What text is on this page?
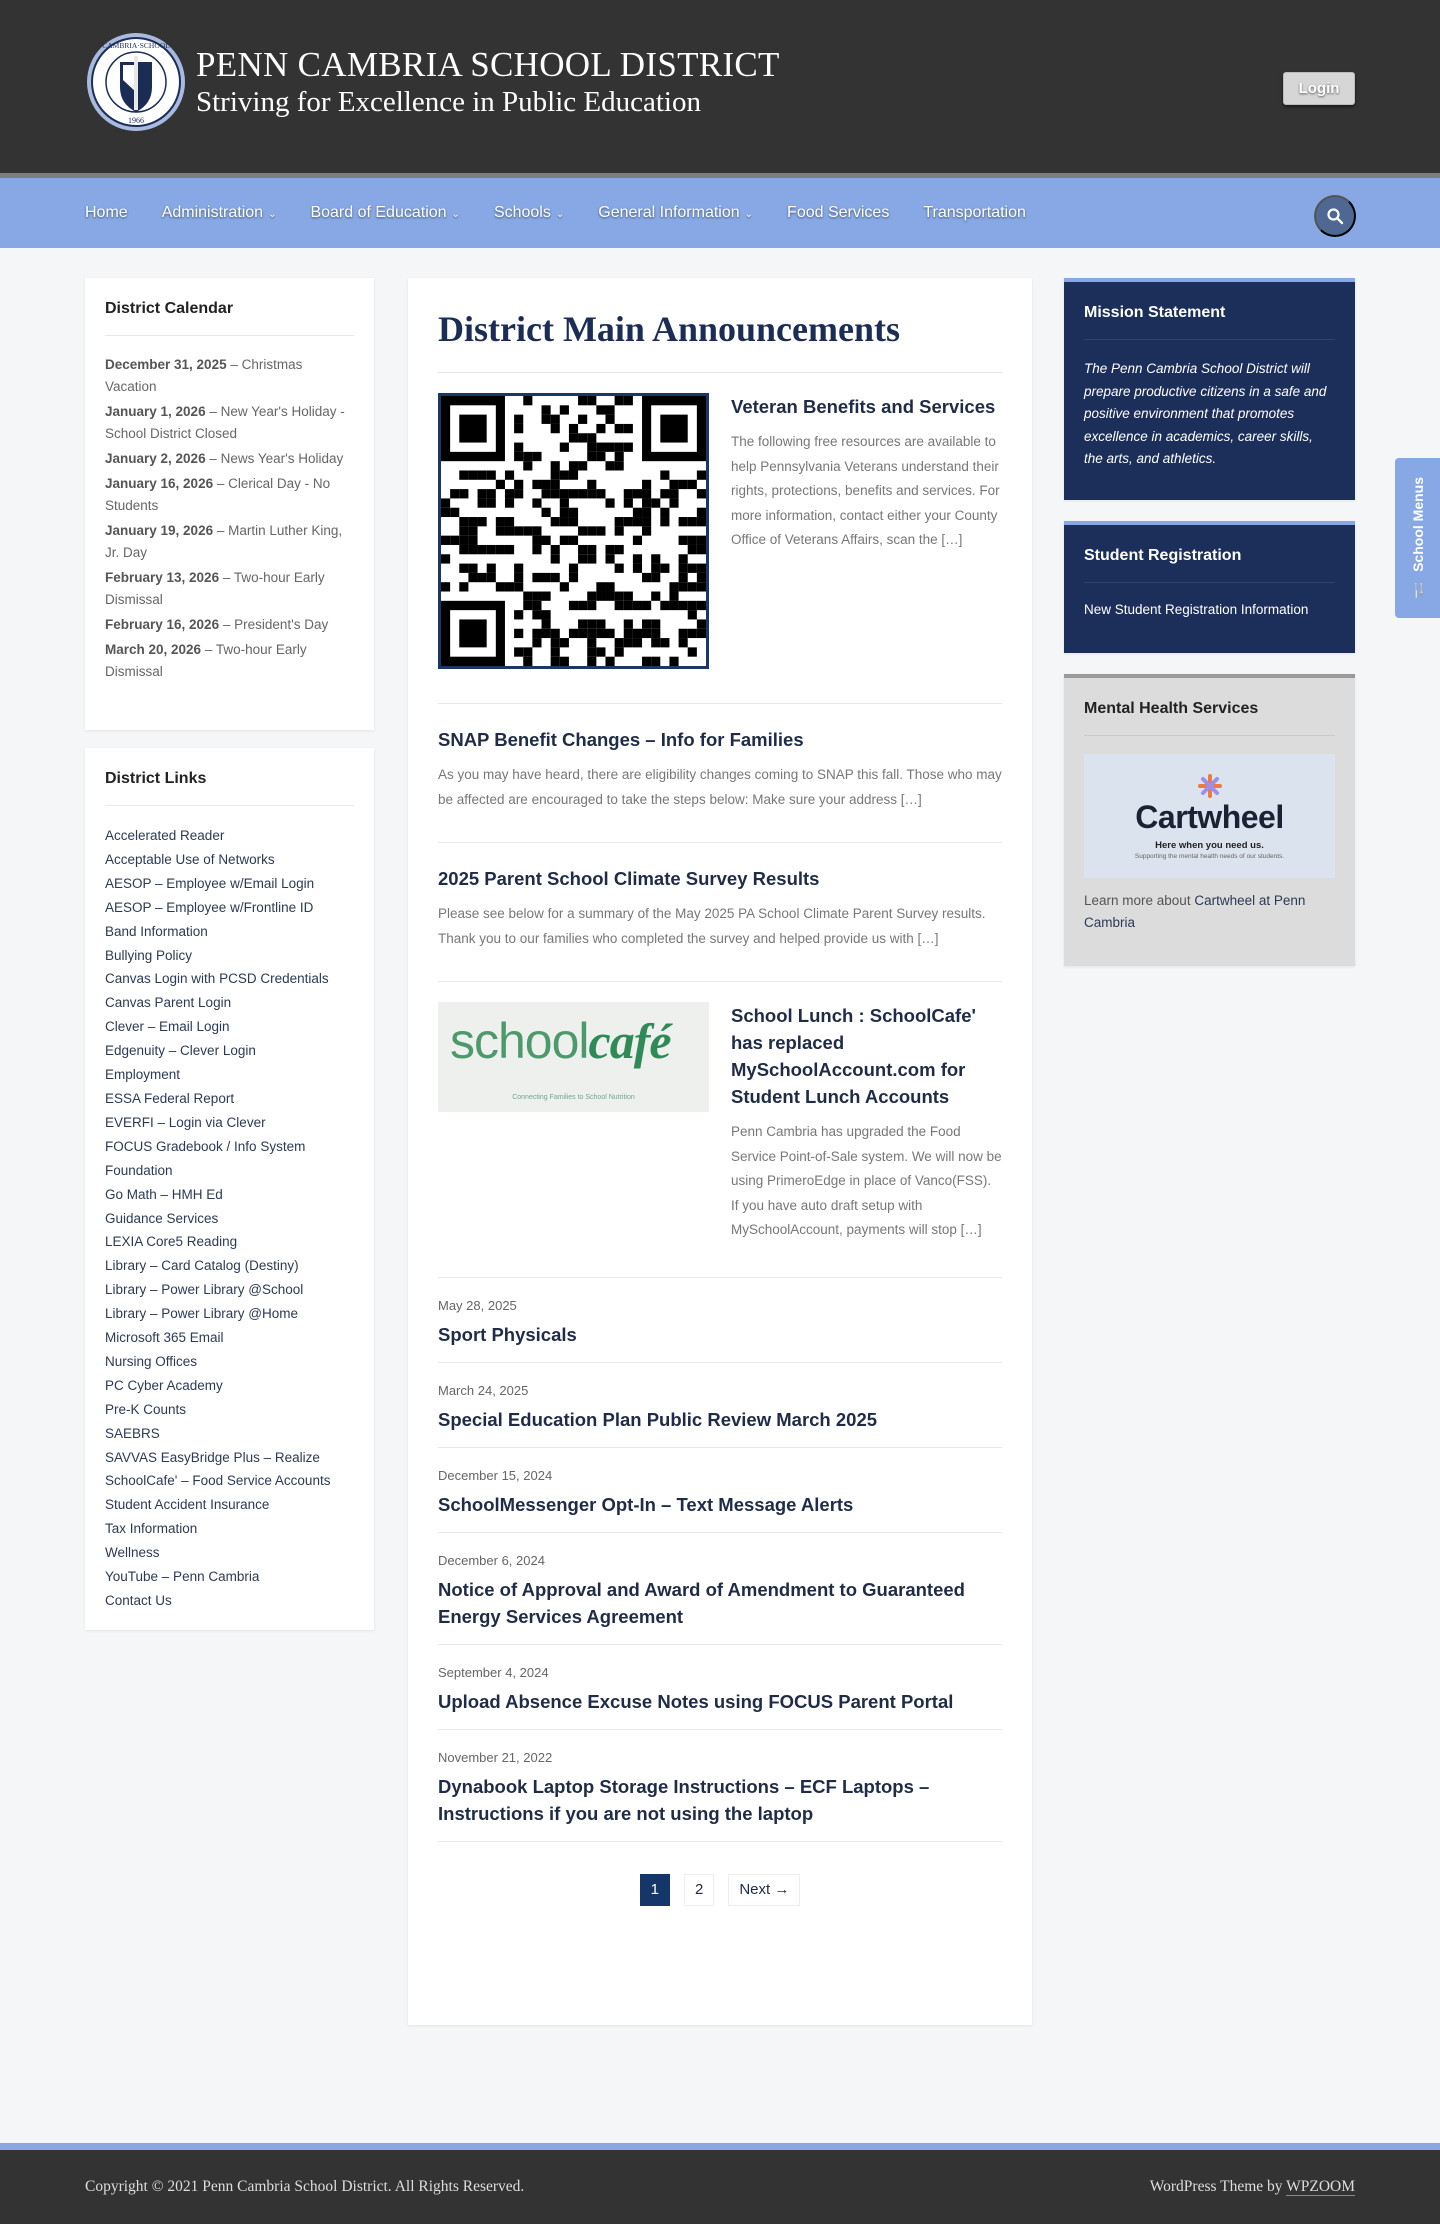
CAMBRIA·SCHOOL
1966
PENN CAMBRIA SCHOOL DISTRICT
Striving for Excellence in Public Education	Login
Home Administration ⌄ Board of Education ⌄ Schools ⌄ General Information ⌄ Food Services Transportation
District Calendar
December 31, 2025 – Christmas Vacation
January 1, 2026 – New Year's Holiday - School District Closed
January 2, 2026 – News Year's Holiday
January 16, 2026 – Clerical Day - No Students
January 19, 2026 – Martin Luther King, Jr. Day
February 13, 2026 – Two-hour Early Dismissal
February 16, 2026 – President's Day
March 20, 2026 – Two-hour Early Dismissal
District Links
Accelerated Reader
Acceptable Use of Networks
AESOP – Employee w/Email Login
AESOP – Employee w/Frontline ID
Band Information
Bullying Policy
Canvas Login with PCSD Credentials
Canvas Parent Login
Clever – Email Login
Edgenuity – Clever Login
Employment
ESSA Federal Report
EVERFI – Login via Clever
FOCUS Gradebook / Info System
Foundation
Go Math – HMH Ed
Guidance Services
LEXIA Core5 Reading
Library – Card Catalog (Destiny)
Library – Power Library @School
Library – Power Library @Home
Microsoft 365 Email
Nursing Offices
PC Cyber Academy
Pre-K Counts
SAEBRS
SAVVAS EasyBridge Plus – Realize
SchoolCafe' – Food Service Accounts
Student Accident Insurance
Tax Information
Wellness
YouTube – Penn Cambria
Contact Us
District Main Announcements
Veteran Benefits and Services

The following free resources are available to help Pennsylvania Veterans understand their rights, protections, benefits and services. For more information, contact either your County Office of Veterans Affairs, scan the […]

SNAP Benefit Changes – Info for Families

As you may have heard, there are eligibility changes coming to SNAP this fall. Those who may be affected are encouraged to take the steps below: Make sure your address […]

2025 Parent School Climate Survey Results

Please see below for a summary of the May 2025 PA School Climate Parent Survey results. Thank you to our families who completed the survey and helped provide us with […]

schoolcafé
Connecting Families to School Nutrition
School Lunch : SchoolCafe' has replaced MySchoolAccount.com for Student Lunch Accounts

Penn Cambria has upgraded the Food Service Point-of-Sale system. We will now be using PrimeroEdge in place of Vanco(FSS). If you have auto draft setup with MySchoolAccount, payments will stop […]

May 28, 2025
Sport Physicals
March 24, 2025
Special Education Plan Public Review March 2025
December 15, 2024
SchoolMessenger Opt-In – Text Message Alerts
December 6, 2024
Notice of Approval and Award of Amendment to Guaranteed Energy Services Agreement
September 4, 2024
Upload Absence Excuse Notes using FOCUS Parent Portal
November 21, 2022
Dynabook Laptop Storage Instructions – ECF Laptops – Instructions if you are not using the laptop
1	2	Next →
Mission Statement

The Penn Cambria School District will prepare productive citizens in a safe and positive environment that promotes excellence in academics, career skills, the arts, and athletics.

Student Registration
New Student Registration Information
Mental Health Services
Cartwheel
Here when you need us.
Supporting the mental health needs of our students.

Learn more about Cartwheel at Penn Cambria

🍴 School Menus
Copyright © 2021 Penn Cambria School District. All Rights Reserved.	WordPress Theme by WPZOOM
